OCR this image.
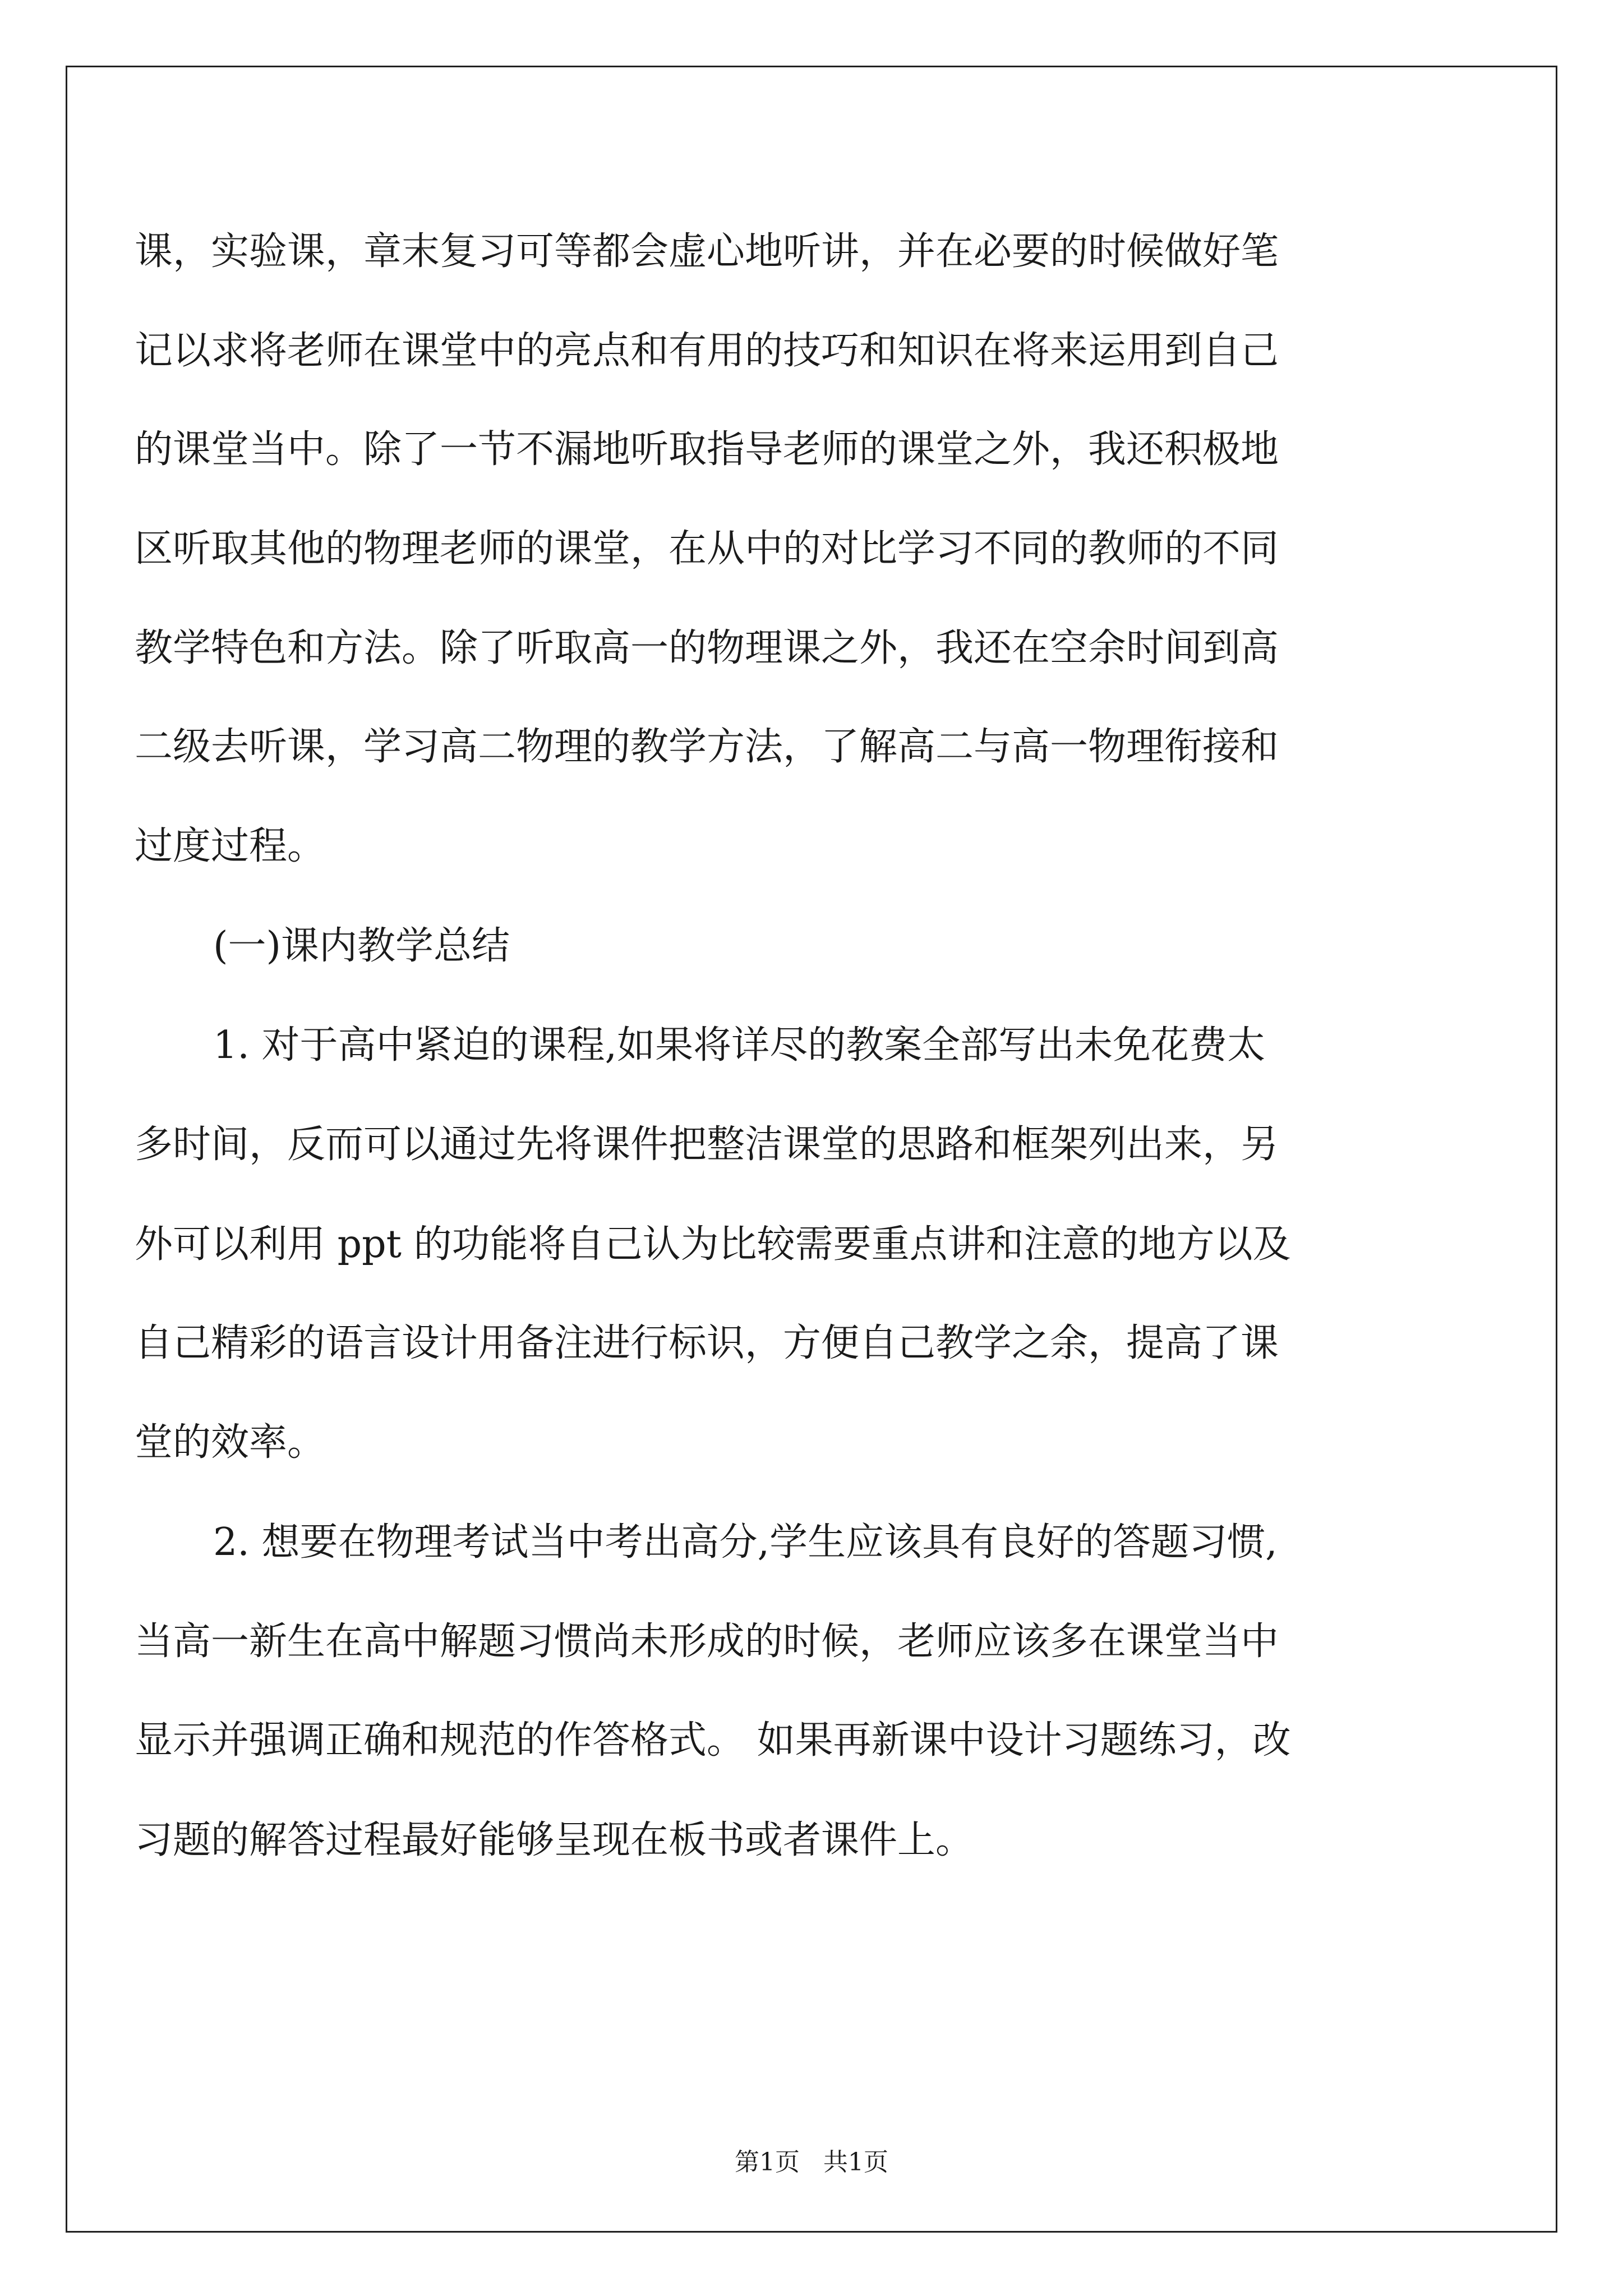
课，实验课，章末复习可等都会虚心地听讲，并在必要的时候做好笔
记以求将老师在课堂中的亮点和有用的技巧和知识在将来运用到自己
的课堂当中。除了一节不漏地听取指导老师的课堂之外，我还积极地
区听取其他的物理老师的课堂，在从中的对比学习不同的教师的不同
教学特色和方法。除了听取高一的物理课之外，我还在空余时间到高
二级去听课，学习高二物理的教学方法，了解高二与高一物理衔接和
过度过程。
(一)课内教学总结
1. 对于高中紧迫的课程,如果将详尽的教案全部写出未免花费太
多时间，反而可以通过先将课件把整洁课堂的思路和框架列出来，另
外可以利用 ppt 的功能将自己认为比较需要重点讲和注意的地方以及
自己精彩的语言设计用备注进行标识，方便自己教学之余，提高了课
堂的效率。
2. 想要在物理考试当中考出高分,学生应该具有良好的答题习惯,
当高一新生在高中解题习惯尚未形成的时候，老师应该多在课堂当中
显示并强调正确和规范的作答格式。 如果再新课中设计习题练习，改
习题的解答过程最好能够呈现在板书或者课件上。
第1页   共1页
